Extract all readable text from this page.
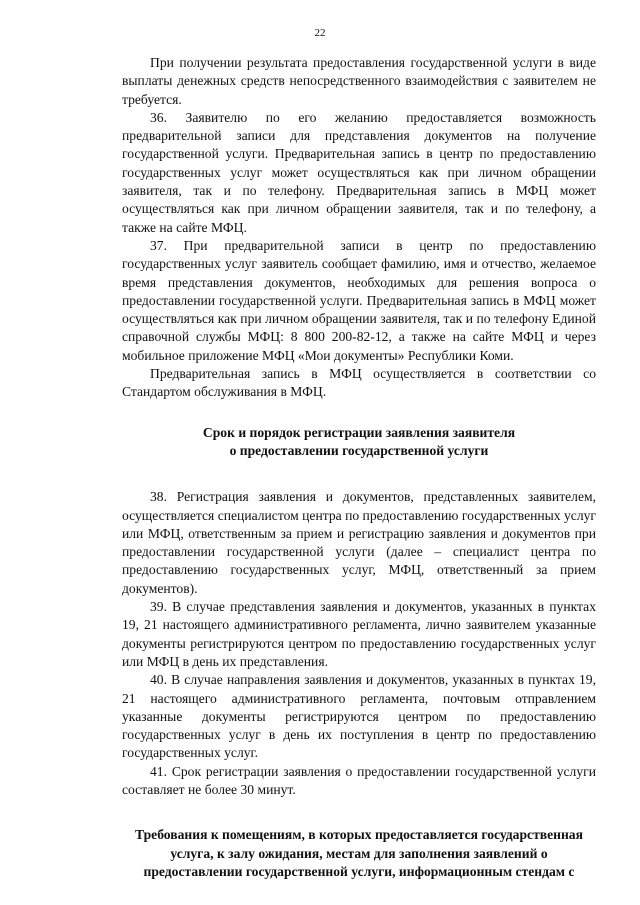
22

При получении результата предоставления государственной услуги в виде выплаты денежных средств непосредственного взаимодействия с заявителем не требуется.

36. Заявителю по его желанию предоставляется возможность предварительной записи для представления документов на получение государственной услуги. Предварительная запись в центр по предоставлению государственных услуг может осуществляться как при личном обращении заявителя, так и по телефону. Предварительная запись в МФЦ может осуществляться как при личном обращении заявителя, так и по телефону, а также на сайте МФЦ.

37. При предварительной записи в центр по предоставлению государственных услуг заявитель сообщает фамилию, имя и отчество, желаемое время представления документов, необходимых для решения вопроса о предоставлении государственной услуги. Предварительная запись в МФЦ может осуществляться как при личном обращении заявителя, так и по телефону Единой справочной службы МФЦ: 8 800 200-82-12, а также на сайте МФЦ и через мобильное приложение МФЦ «Мои документы» Республики Коми.

Предварительная запись в МФЦ осуществляется в соответствии со Стандартом обслуживания в МФЦ.

Срок и порядок регистрации заявления заявителя
о предоставлении государственной услуги

38. Регистрация заявления и документов, представленных заявителем, осуществляется специалистом центра по предоставлению государственных услуг или МФЦ, ответственным за прием и регистрацию заявления и документов при предоставлении государственной услуги (далее – специалист центра по предоставлению государственных услуг, МФЦ, ответственный за прием документов).

39. В случае представления заявления и документов, указанных в пунктах 19, 21 настоящего административного регламента, лично заявителем указанные документы регистрируются центром по предоставлению государственных услуг или МФЦ в день их представления.

40. В случае направления заявления и документов, указанных в пунктах 19, 21 настоящего административного регламента, почтовым отправлением указанные документы регистрируются центром по предоставлению государственных услуг в день их поступления в центр по предоставлению государственных услуг.

41. Срок регистрации заявления о предоставлении государственной услуги составляет не более 30 минут.

Требования к помещениям, в которых предоставляется государственная
услуга, к залу ожидания, местам для заполнения заявлений о
предоставлении государственной услуги, информационным стендам с
